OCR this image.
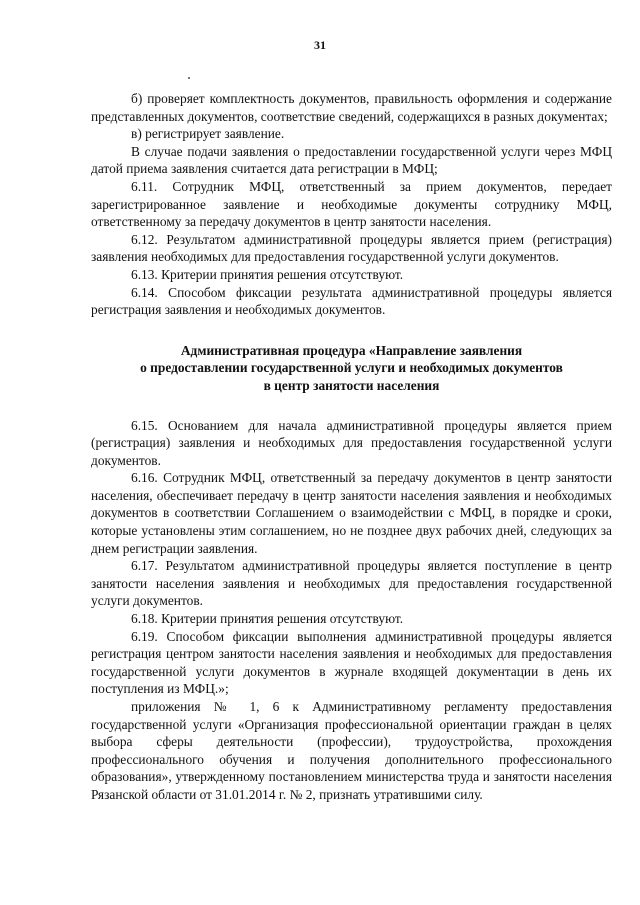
31

б) проверяет комплектность документов, правильность оформления и содержание представленных документов, соответствие сведений, содержащихся в разных документах;

в) регистрирует заявление.

В случае подачи заявления о предоставлении государственной услуги через МФЦ датой приема заявления считается дата регистрации в МФЦ;

6.11. Сотрудник МФЦ, ответственный за прием документов, передает зарегистрированное заявление и необходимые документы сотруднику МФЦ, ответственному за передачу документов в центр занятости населения.

6.12. Результатом административной процедуры является прием (регистрация) заявления необходимых для предоставления государственной услуги документов.

6.13. Критерии принятия решения отсутствуют.

6.14. Способом фиксации результата административной процедуры является регистрация заявления и необходимых документов.

Административная процедура «Направление заявления
о предоставлении государственной услуги и необходимых документов
в центр занятости населения

6.15. Основанием для начала административной процедуры является прием (регистрация) заявления и необходимых для предоставления государственной услуги документов.

6.16. Сотрудник МФЦ, ответственный за передачу документов в центр занятости населения, обеспечивает передачу в центр занятости населения заявления и необходимых документов в соответствии Соглашением о взаимодействии с МФЦ, в порядке и сроки, которые установлены этим соглашением, но не позднее двух рабочих дней, следующих за днем регистрации заявления.

6.17. Результатом административной процедуры является поступление в центр занятости населения заявления и необходимых для предоставления государственной услуги документов.

6.18. Критерии принятия решения отсутствуют.

6.19. Способом фиксации выполнения административной процедуры является регистрация центром занятости населения заявления и необходимых для предоставления государственной услуги документов в журнале входящей документации в день их поступления из МФЦ.»;

приложения № 1, 6 к Административному регламенту предоставления государственной услуги «Организация профессиональной ориентации граждан в целях выбора сферы деятельности (профессии), трудоустройства, прохождения профессионального обучения и получения дополнительного профессионального образования», утвержденному постановлением министерства труда и занятости населения Рязанской области от 31.01.2014 г. № 2, признать утратившими силу.
